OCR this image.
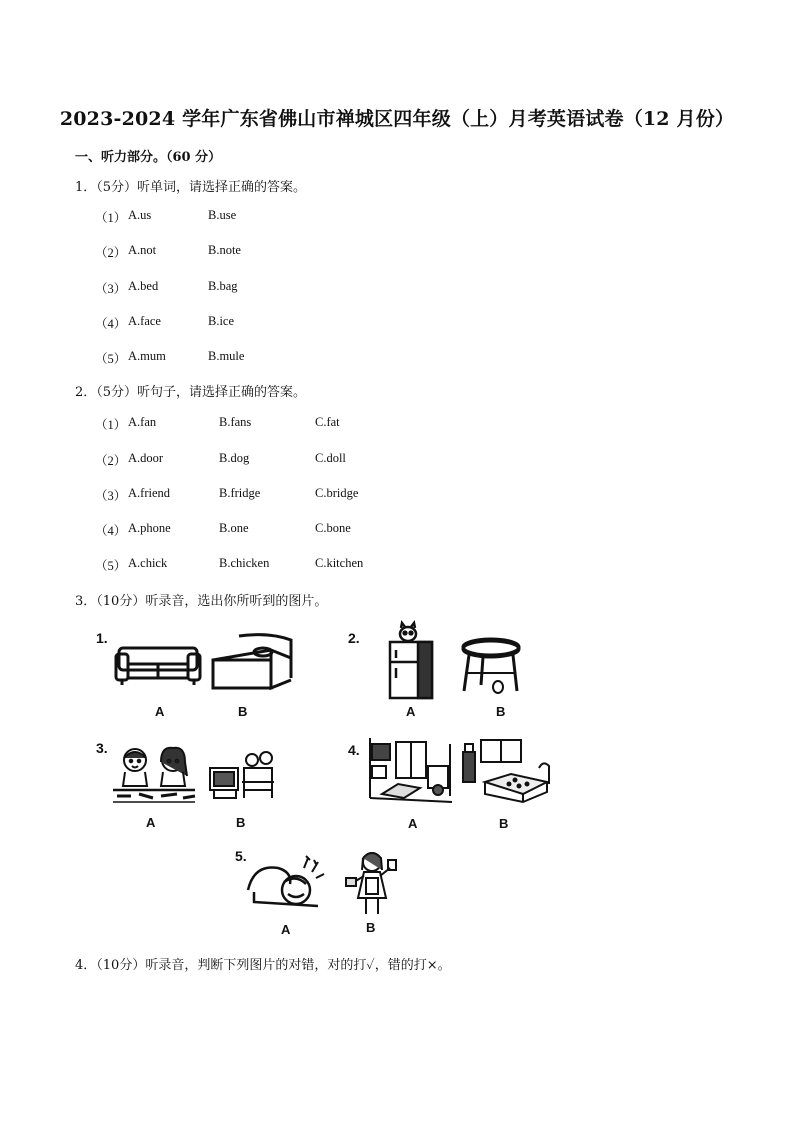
2023-2024 学年广东省佛山市禅城区四年级（上）月考英语试卷（12 月份）
一、听力部分。（60 分）
1．（5分）听单词，请选择正确的答案。
（1） A.us	B.use
（2） A.not	B.note
（3） A.bed	B.bag
（4） A.face	B.ice
（5） A.mum	B.mule
2．（5分）听句子，请选择正确的答案。
（1） A.fan	B.fans	C.fat
（2） A.door	B.dog	C.doll
（3） A.friend	B.fridge	C.bridge
（4） A.phone	B.one	C.bone
（5） A.chick	B.chicken	C.kitchen
3．（10分）听录音，选出你所听到的图片。
1.
A	B
2.
A	B
3.
A	B
4.
A	B
5.
A	B
4．（10分）听录音，判断下列图片的对错，对的打✓，错的打×。
